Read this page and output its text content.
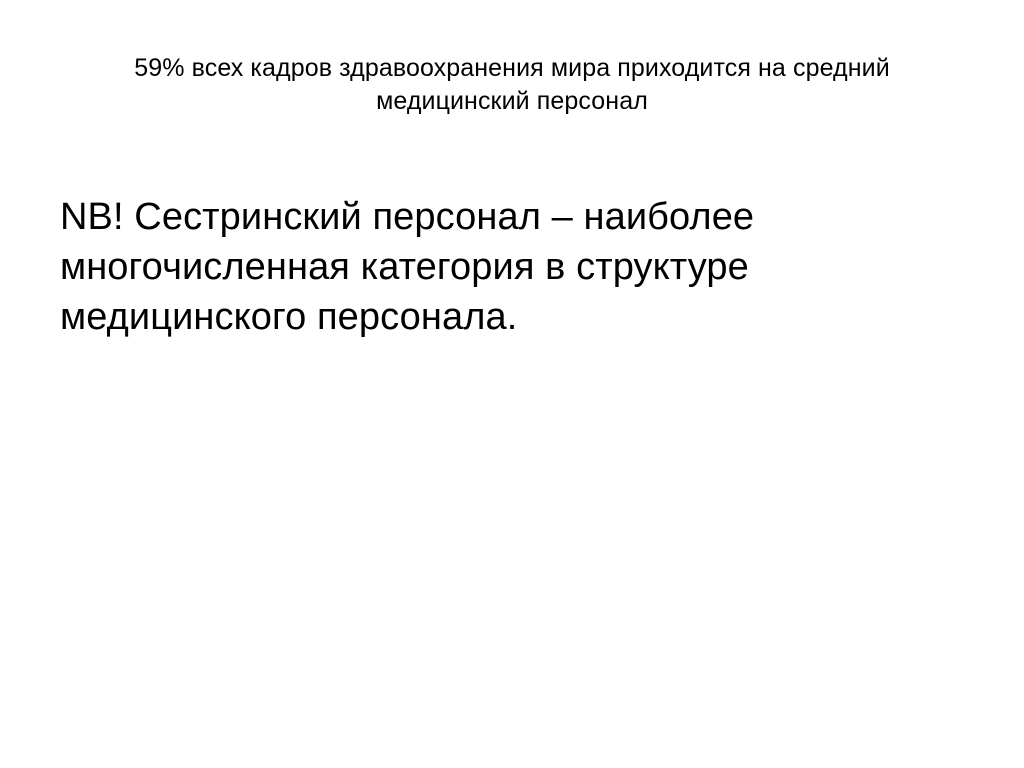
59% всех кадров здравоохранения мира приходится на средний медицинский персонал

NB! Сестринский персонал – наиболее многочисленная категория в структуре медицинского персонала.
